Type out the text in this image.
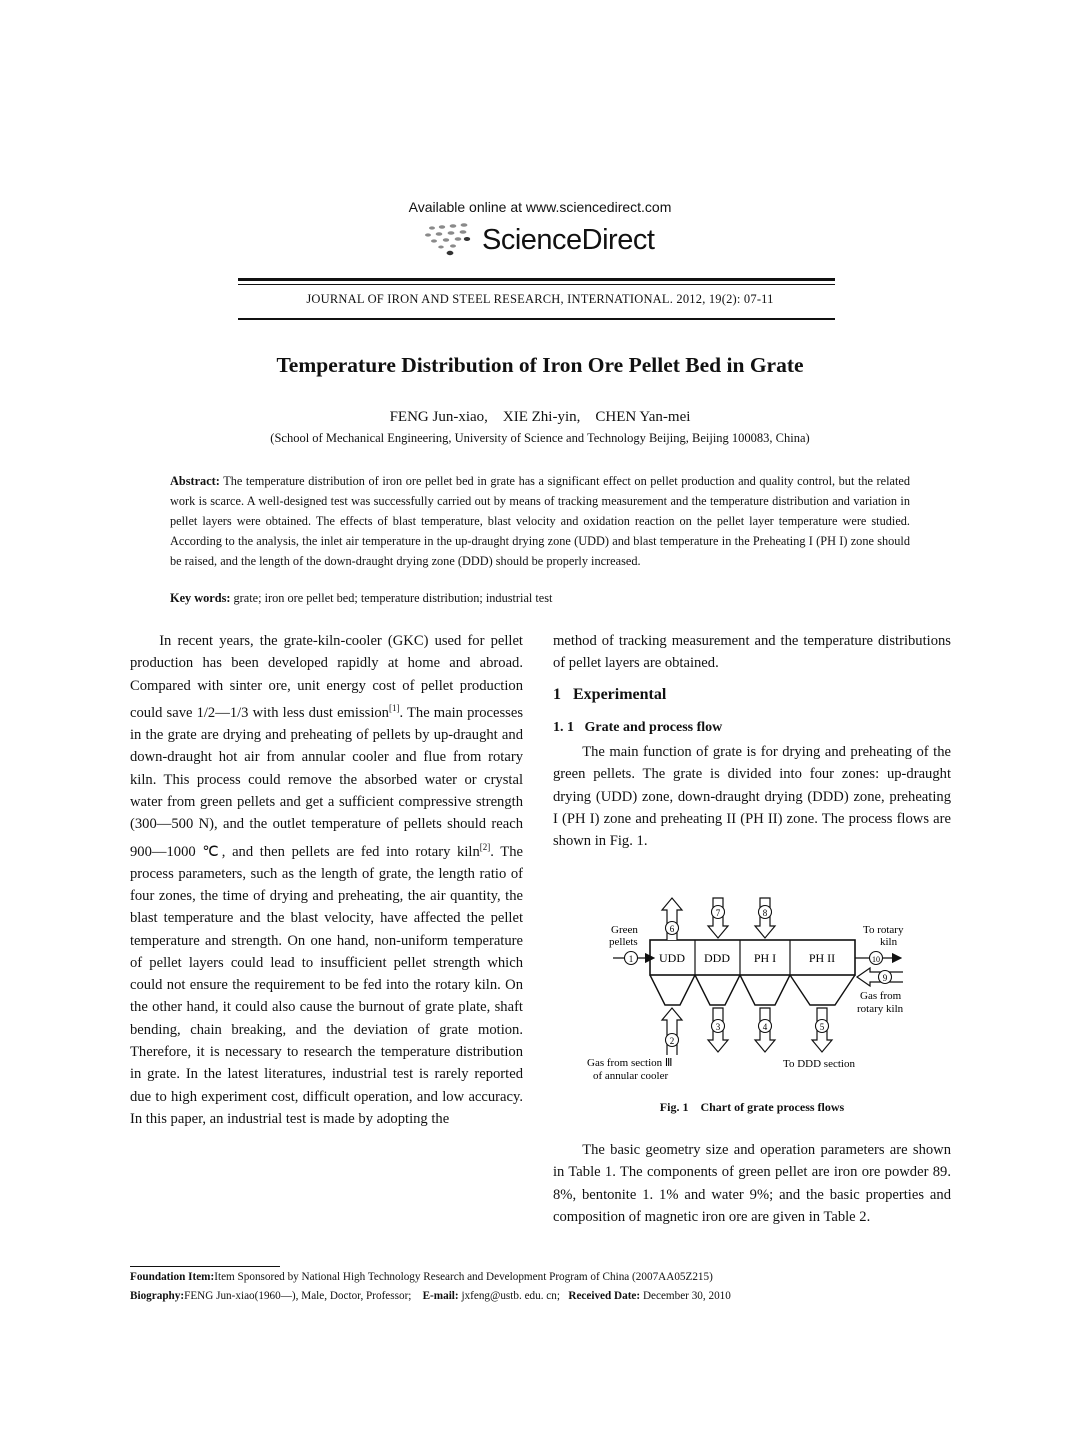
Available online at www.sciencedirect.com
ScienceDirect
JOURNAL OF IRON AND STEEL RESEARCH, INTERNATIONAL. 2012, 19(2): 07-11
Temperature Distribution of Iron Ore Pellet Bed in Grate
FENG Jun-xiao,    XIE Zhi-yin,    CHEN Yan-mei
(School of Mechanical Engineering, University of Science and Technology Beijing, Beijing 100083, China)
Abstract: The temperature distribution of iron ore pellet bed in grate has a significant effect on pellet production and quality control, but the related work is scarce. A well-designed test was successfully carried out by means of tracking measurement and the temperature distribution and variation in pellet layers were obtained. The effects of blast temperature, blast velocity and oxidation reaction on the pellet layer temperature were studied. According to the analysis, the inlet air temperature in the up-draught drying zone (UDD) and blast temperature in the Preheating I (PH I) zone should be raised, and the length of the down-draught drying zone (DDD) should be properly increased.
Key words: grate; iron ore pellet bed; temperature distribution; industrial test

In recent years, the grate-kiln-cooler (GKC) used for pellet production has been developed rapidly at home and abroad. Compared with sinter ore, unit energy cost of pellet production could save 1/2—1/3 with less dust emission[1]. The main processes in the grate are drying and preheating of pellets by up-draught and down-draught hot air from annular cooler and flue from rotary kiln. This process could remove the absorbed water or crystal water from green pellets and get a sufficient compressive strength (300—500 N), and the outlet temperature of pellets should reach 900—1000 ℃, and then pellets are fed into rotary kiln[2]. The process parameters, such as the length of grate, the length ratio of four zones, the time of drying and preheating, the air quantity, the blast temperature and the blast velocity, have affected the pellet temperature and strength. On one hand, non-uniform temperature of pellet layers could lead to insufficient pellet strength which could not ensure the requirement to be fed into the rotary kiln. On the other hand, it could also cause the burnout of grate plate, shaft bending, chain breaking, and the deviation of grate motion. Therefore, it is necessary to research the temperature distribution in grate. In the latest literatures, industrial test is rarely reported due to high experiment cost, difficult operation, and low accuracy. In this paper, an industrial test is made by adopting the

method of tracking measurement and the temperature distributions of pellet layers are obtained.

1   Experimental
1. 1   Grate and process flow

The main function of grate is for drying and preheating of the green pellets. The grate is divided into four zones: up-draught drying (UDD) zone, down-draught drying (DDD) zone, preheating I (PH I) zone and preheating II (PH II) zone. The process flows are shown in Fig. 1.

UDD DDD PH I	PH II
1
Green
pellets
6
7	8
10
To rotary
kiln
9
Gas from
rotary kiln
2
Gas from section Ⅲ
of annular cooler
3	4	5
To DDD section
Fig. 1    Chart of grate process flows

The basic geometry size and operation parameters are shown in Table 1. The components of green pellet are iron ore powder 89. 8%, bentonite 1. 1% and water 9%; and the basic properties and composition of magnetic iron ore are given in Table 2.

Foundation Item:Item Sponsored by National High Technology Research and Development Program of China (2007AA05Z215)
Biography:FENG Jun-xiao(1960—), Male, Doctor, Professor; E-mail: jxfeng@ustb. edu. cn; Received Date: December 30, 2010
